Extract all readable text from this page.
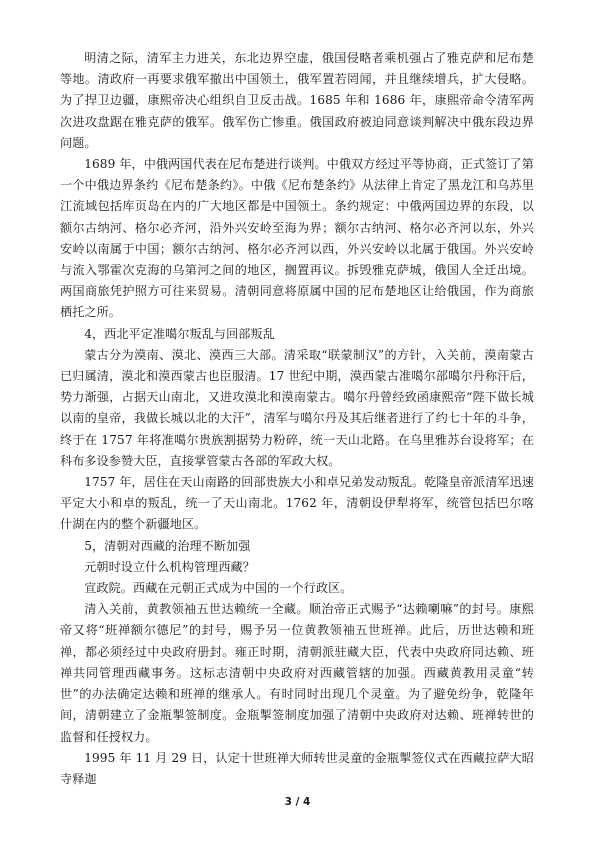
明清之际，清军主力进关，东北边界空虚，俄国侵略者乘机强占了雅克萨和尼布楚等地。清政府一再要求俄军撤出中国领土，俄军置若罔闻，并且继续增兵，扩大侵略。为了捍卫边疆，康熙帝决心组织自卫反击战。1685 年和 1686 年，康熙帝命令清军两次进攻盘踞在雅克萨的俄军。俄军伤亡惨重。俄国政府被迫同意谈判解决中俄东段边界问题。

1689 年，中俄两国代表在尼布楚进行谈判。中俄双方经过平等协商，正式签订了第一个中俄边界条约《尼布楚条约》。中俄《尼布楚条约》从法律上肯定了黑龙江和乌苏里江流域包括库页岛在内的广大地区都是中国领土。条约规定：中俄两国边界的东段，以额尔古纳河、格尔必齐河，沿外兴安岭至海为界；额尔古纳河、格尔必齐河以东，外兴安岭以南属于中国；额尔古纳河、格尔必齐河以西，外兴安岭以北属于俄国。外兴安岭与流入鄂霍次克海的乌第河之间的地区，搁置再议。拆毁雅克萨城，俄国人全迁出境。两国商旅凭护照方可往来贸易。清朝同意将原属中国的尼布楚地区让给俄国，作为商旅栖托之所。

4，西北平定准噶尔叛乱与回部叛乱

蒙古分为漠南、漠北、漠西三大部。清采取“联蒙制汉”的方针，入关前，漠南蒙古已归属清，漠北和漠西蒙古也臣服清。17 世纪中期，漠西蒙古准噶尔部噶尔丹称汗后，势力渐强，占据天山南北，又进攻漠北和漠南蒙古。噶尔丹曾经致函康熙帝“陛下做长城以南的皇帝，我做长城以北的大汗”，清军与噶尔丹及其后继者进行了约七十年的斗争，终于在 1757 年将准噶尔贵族割据势力粉碎，统一天山北路。在乌里雅苏台设将军；在科布多设参赞大臣，直接掌管蒙古各部的军政大权。

1757 年，居住在天山南路的回部贵族大小和卓兄弟发动叛乱。乾隆皇帝派清军迅速平定大小和卓的叛乱，统一了天山南北。1762 年，清朝设伊犁将军，统管包括巴尔喀什湖在内的整个新疆地区。

5，清朝对西藏的治理不断加强

元朝时设立什么机构管理西藏？

宣政院。西藏在元朝正式成为中国的一个行政区。

清入关前，黄教领袖五世达赖统一全藏。顺治帝正式赐予“达赖喇嘛”的封号。康熙帝又将“班禅额尔德尼”的封号，赐予另一位黄教领袖五世班禅。此后，历世达赖和班禅，都必须经过中央政府册封。雍正时期，清朝派驻藏大臣，代表中央政府同达赖、班禅共同管理西藏事务。这标志清朝中央政府对西藏管辖的加强。西藏黄教用灵童“转世”的办法确定达赖和班禅的继承人。有时同时出现几个灵童。为了避免纷争，乾隆年间，清朝建立了金瓶掣签制度。金瓶掣签制度加强了清朝中央政府对达赖、班禅转世的监督和任授权力。

1995 年 11 月 29 日，认定十世班禅大师转世灵童的金瓶掣签仪式在西藏拉萨大昭寺释迦

3 / 4
